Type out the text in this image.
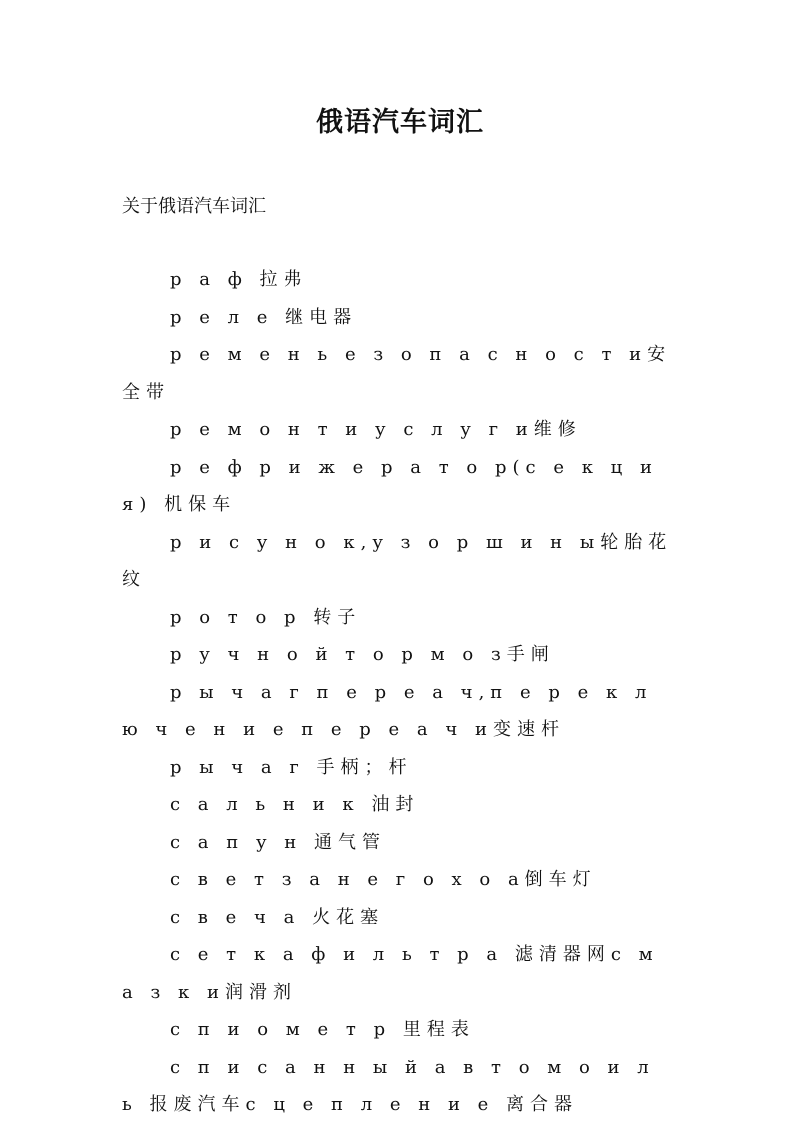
俄语汽车词汇
关于俄语汽车词汇

р а ф 拉弗

р е л е 继电器

р е м е н ь е з о п а с н о с т и安全带

р е м о н т и у с л у г и维修

р е ф р и ж е р а т о р(с е к ц и я) 机保车

р и с у н о к,у з о р ш и н ы轮胎花纹

р о т о р 转子

р у ч н о й т о р м о з手闸

р ы ч а г п е р е а ч,п е р е к л ю ч е н и е п е р е а ч и变速杆

р ы ч а г 手柄；杆

с а л ь н и к 油封

с а п у н 通气管

с в е т з а н е г о х о а倒车灯

с в е ч а 火花塞

с е т к а ф и л ь т р а 滤清器网с м а з к и润滑剂

с п и о м е т р 里程表

с п и с а н н ы й а в т о м о и л ь 报废汽车с ц е п л е н и е 离合器
